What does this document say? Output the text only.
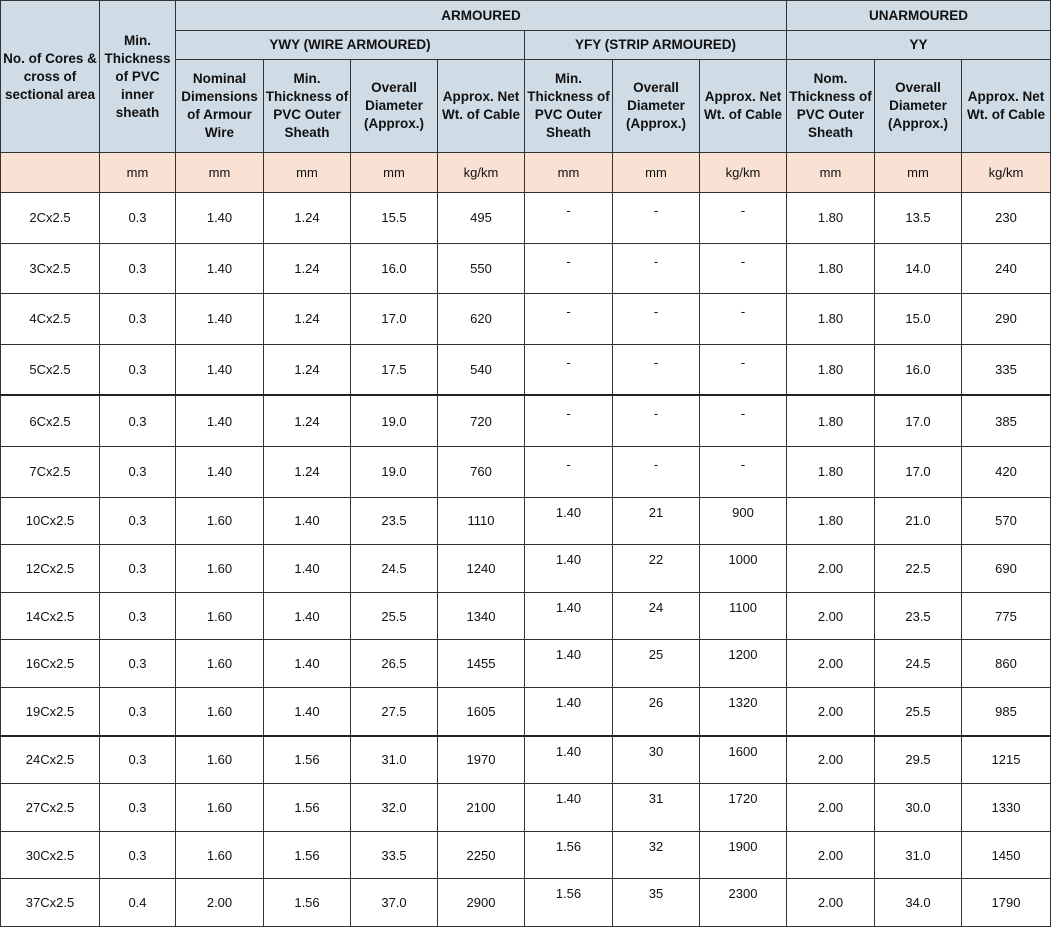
No. of Cores & cross of sectional area	Min. Thickness of PVC inner sheath	ARMOURED							UNARMOURED		
		YWY (WIRE ARMOURED)				YFY (STRIP ARMOURED)			YY		
		Nominal Dimensions of Armour Wire	Min. Thickness of PVC Outer Sheath	Overall Diameter (Approx.)	Approx. Net Wt. of Cable	Min. Thickness of PVC Outer Sheath	Overall Diameter (Approx.)	Approx. Net Wt. of Cable	Nom. Thickness of PVC Outer Sheath	Overall Diameter (Approx.)	Approx. Net Wt. of Cable
	mm	mm	mm	mm	kg/km	mm	mm	kg/km	mm	mm	kg/km
2Cx2.5	0.3	1.40	1.24	15.5	495	-	-	-	1.80	13.5	230
3Cx2.5	0.3	1.40	1.24	16.0	550	-	-	-	1.80	14.0	240
4Cx2.5	0.3	1.40	1.24	17.0	620	-	-	-	1.80	15.0	290
5Cx2.5	0.3	1.40	1.24	17.5	540	-	-	-	1.80	16.0	335
6Cx2.5	0.3	1.40	1.24	19.0	720	-	-	-	1.80	17.0	385
7Cx2.5	0.3	1.40	1.24	19.0	760	-	-	-	1.80	17.0	420
10Cx2.5	0.3	1.60	1.40	23.5	1110	1.40	21	900	1.80	21.0	570
12Cx2.5	0.3	1.60	1.40	24.5	1240	1.40	22	1000	2.00	22.5	690
14Cx2.5	0.3	1.60	1.40	25.5	1340	1.40	24	1100	2.00	23.5	775
16Cx2.5	0.3	1.60	1.40	26.5	1455	1.40	25	1200	2.00	24.5	860
19Cx2.5	0.3	1.60	1.40	27.5	1605	1.40	26	1320	2.00	25.5	985
24Cx2.5	0.3	1.60	1.56	31.0	1970	1.40	30	1600	2.00	29.5	1215
27Cx2.5	0.3	1.60	1.56	32.0	2100	1.40	31	1720	2.00	30.0	1330
30Cx2.5	0.3	1.60	1.56	33.5	2250	1.56	32	1900	2.00	31.0	1450
37Cx2.5	0.4	2.00	1.56	37.0	2900	1.56	35	2300	2.00	34.0	1790
